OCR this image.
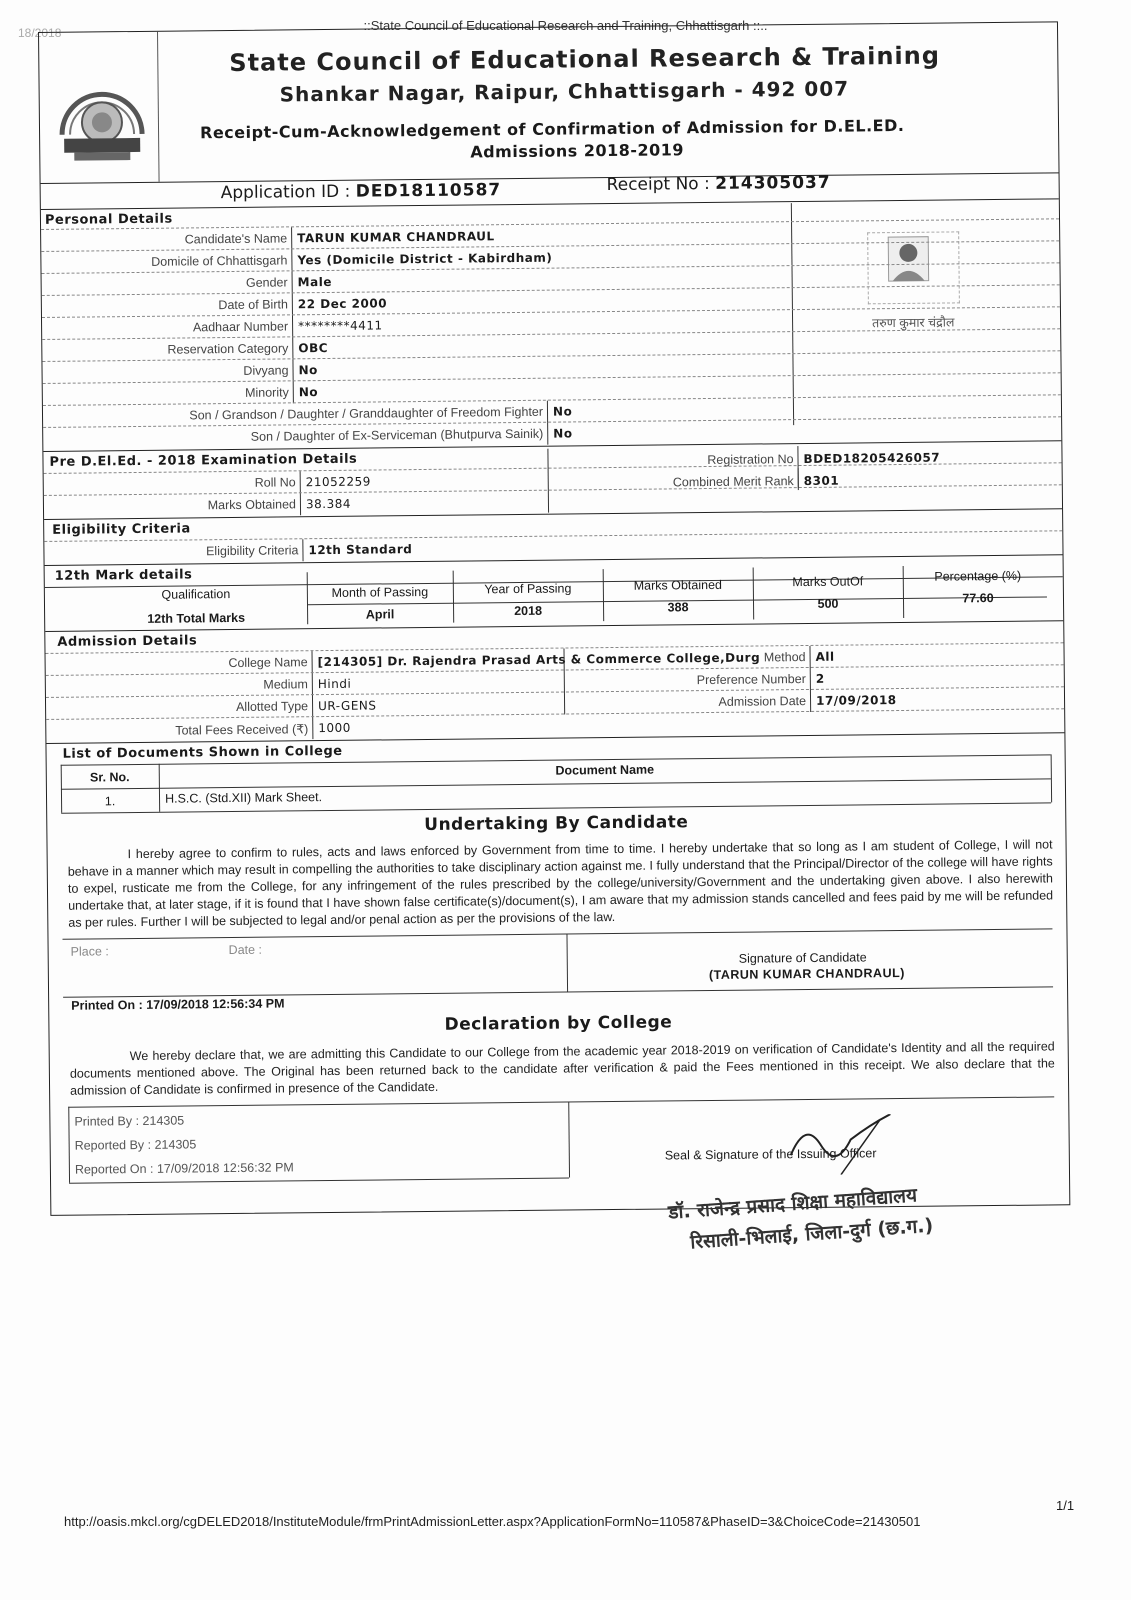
::State Council of Educational Research and Training, Chhattisgarh ::..
18/2018
State Council of Educational Research & Training
Shankar Nagar, Raipur, Chhattisgarh - 492 007
Receipt-Cum-Acknowledgement of Confirmation of Admission for D.EL.ED.
Admissions 2018-2019
Application ID : DED18110587	Receipt No : 214305037
Personal Details
तरुण कुमार चंद्रौल
Candidate's Name TARUN KUMAR CHANDRAUL
Domicile of Chhattisgarh Yes (Domicile District - Kabirdham)
Gender Male
Date of Birth 22 Dec 2000
Aadhaar Number ********4411
Reservation Category OBC
Divyang No
Minority No
Son / Grandson / Daughter / Granddaughter of Freedom Fighter No
Son / Daughter of Ex-Serviceman (Bhutpurva Sainik) No
Pre D.El.Ed. - 2018 Examination Details
Roll No 21052259
Registration No BDED18205426057
Marks Obtained 38.384
Combined Merit Rank 8301
Eligibility Criteria
Eligibility Criteria 12th Standard
12th Mark details
Qualification	Month of Passing	Year of Passing	Marks Obtained	Marks OutOf	Percentage (%)
12th Total Marks	April	2018	388	500	77.60
Admission Details
College Name [214305] Dr. Rajendra Prasad Arts & Commerce College,Durg
Medium Hindi
Method All
Preference Number 2
Allotted Type UR-GENS	Admission Date 17/09/2018
Total Fees Received (₹) 1000
List of Documents Shown in College
Sr. No.	Document Name
1.	H.S.C. (Std.XII) Mark Sheet.
Undertaking By Candidate
I hereby agree to confirm to rules, acts and laws enforced by Government from time to time. I hereby undertake that so long as I am student of College, I will not behave in a manner which may result in compelling the authorities to take disciplinary action against me. I fully understand that the Principal/Director of the college will have rights to expel, rusticate me from the College, for any infringement of the rules prescribed by the college/university/Government and the undertaking given above. I also herewith undertake that, at later stage, if it is found that I have shown false certificate(s)/document(s), I am aware that my admission stands cancelled and fees paid by me will be refunded as per rules. Further I will be subjected to legal and/or penal action as per the provisions of the law.
Place :	Date :
Signature of Candidate
(TARUN KUMAR CHANDRAUL)
Printed On : 17/09/2018 12:56:34 PM
Declaration by College
We hereby declare that, we are admitting this Candidate to our College from the academic year 2018-2019 on verification of Candidate's Identity and all the required documents mentioned above. The Original has been returned back to the candidate after verification & paid the Fees mentioned in this receipt. We also declare that the admission of Candidate is confirmed in presence of the Candidate.
Printed By : 214305
Reported By : 214305
Reported On : 17/09/2018 12:56:32 PM
Seal & Signature of the Issuing Officer
डॉ. राजेन्द्र प्रसाद शिक्षा महाविद्यालय
रिसाली-भिलाई, जिला-दुर्ग (छ.ग.)
http://oasis.mkcl.org/cgDELED2018/InstituteModule/frmPrintAdmissionLetter.aspx?ApplicationFormNo=110587&PhaseID=3&ChoiceCode=21430501
1/1
